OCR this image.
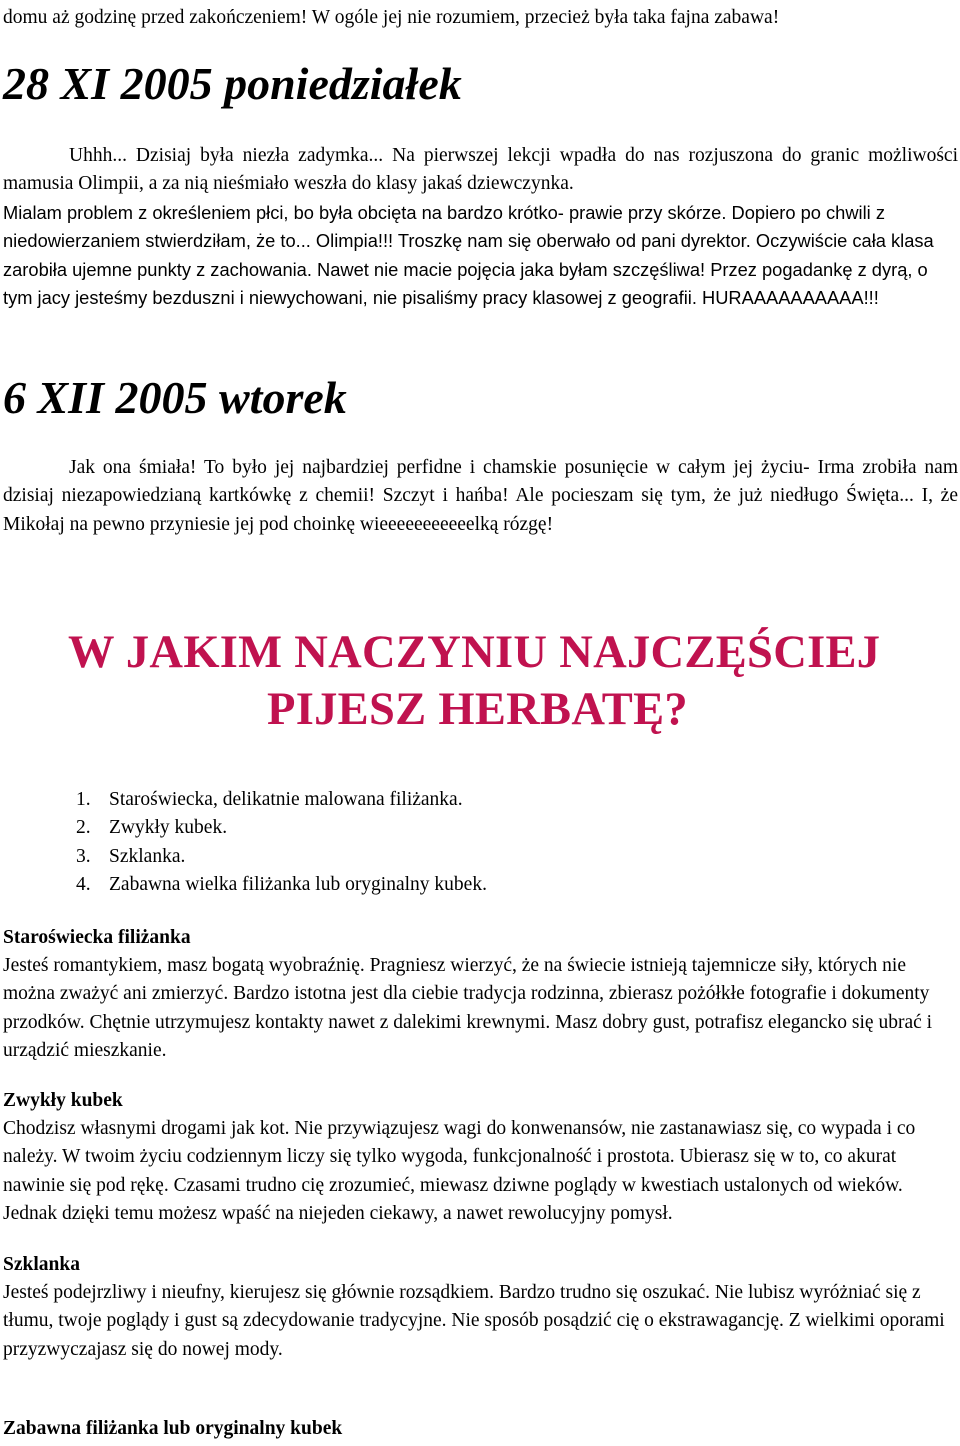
domu aż godzinę przed zakończeniem! W ogóle jej nie rozumiem, przecież była taka fajna zabawa!

28 XI 2005 poniedziałek

Uhhh... Dzisiaj była niezła zadymka... Na pierwszej lekcji wpadła do nas rozjuszona do granic możliwości mamusia Olimpii, a za nią nieśmiało weszła do klasy jakaś dziewczynka.

Mialam problem z określeniem płci, bo była obcięta na bardzo krótko- prawie przy skórze. Dopiero po chwili z niedowierzaniem stwierdziłam, że to... Olimpia!!! Troszkę nam się oberwało od pani dyrektor. Oczywiście cała klasa zarobiła ujemne punkty z zachowania. Nawet nie macie pojęcia jaka byłam szczęśliwa! Przez pogadankę z dyrą, o tym jacy jesteśmy bezduszni i niewychowani, nie pisaliśmy pracy klasowej z geografii. HURAAAAAAAAAA!!!

6 XII 2005 wtorek

Jak ona śmiała! To było jej najbardziej perfidne i chamskie posunięcie w całym jej życiu- Irma zrobiła nam dzisiaj niezapowiedzianą kartkówkę z chemii! Szczyt i hańba! Ale pocieszam się tym, że już niedługo Święta... I, że Mikołaj na pewno przyniesie jej pod choinkę wieeeeeeeeeeelką rózgę!

W JAKIM NACZYNIU NAJCZĘŚCIEJ
PIJESZ HERBATĘ?
1. Staroświecka, delikatnie malowana filiżanka.
2. Zwykły kubek.
3. Szklanka.
4. Zabawna wielka filiżanka lub oryginalny kubek.

Staroświecka filiżanka

Jesteś romantykiem, masz bogatą wyobraźnię. Pragniesz wierzyć, że na świecie istnieją tajemnicze siły, których nie można zważyć ani zmierzyć. Bardzo istotna jest dla ciebie tradycja rodzinna, zbierasz pożółkłe fotografie i dokumenty przodków. Chętnie utrzymujesz kontakty nawet z dalekimi krewnymi. Masz dobry gust, potrafisz elegancko się ubrać i urządzić mieszkanie.

Zwykły kubek

Chodzisz własnymi drogami jak kot. Nie przywiązujesz wagi do konwenansów, nie zastanawiasz się, co wypada i co należy. W twoim życiu codziennym liczy się tylko wygoda, funkcjonalność i prostota. Ubierasz się w to, co akurat nawinie się pod rękę. Czasami trudno cię zrozumieć, miewasz dziwne poglądy w kwestiach ustalonych od wieków. Jednak dzięki temu możesz wpaść na niejeden ciekawy, a nawet rewolucyjny pomysł.

Szklanka

Jesteś podejrzliwy i nieufny, kierujesz się głównie rozsądkiem. Bardzo trudno się oszukać. Nie lubisz wyróżniać się z tłumu, twoje poglądy i gust są zdecydowanie tradycyjne. Nie sposób posądzić cię o ekstrawagancję. Z wielkimi oporami przyzwyczajasz się do nowej mody.

Zabawna filiżanka lub oryginalny kubek
